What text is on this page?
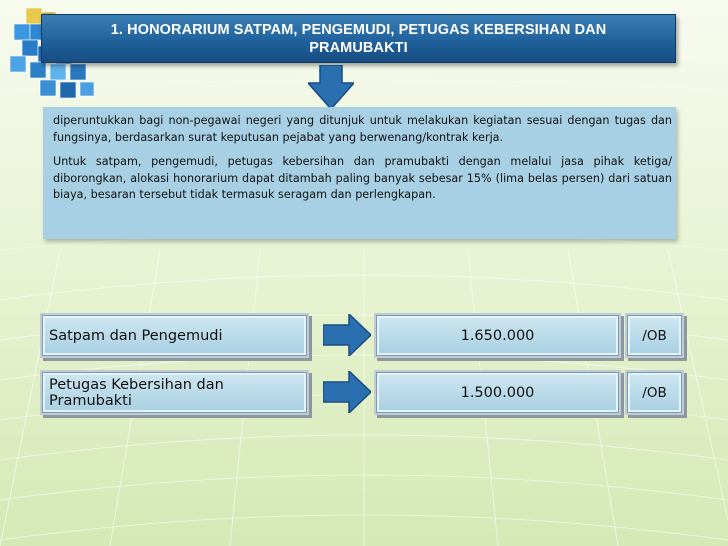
1. HONORARIUM SATPAM, PENGEMUDI, PETUGAS KEBERSIHAN DAN PRAMUBAKTI

diperuntukkan bagi non-pegawai negeri yang ditunjuk untuk melakukan kegiatan sesuai dengan tugas dan fungsinya, berdasarkan surat keputusan pejabat yang berwenang/kontrak kerja.

Untuk satpam, pengemudi, petugas kebersihan dan pramubakti dengan melalui jasa pihak ketiga/ diborongkan, alokasi honorarium dapat ditambah paling banyak sebesar 15% (lima belas persen) dari satuan biaya, besaran tersebut tidak termasuk seragam dan perlengkapan.

Satpam dan Pengemudi	1.650.000	/OB
Petugas Kebersihan dan Pramubakti	1.500.000	/OB
